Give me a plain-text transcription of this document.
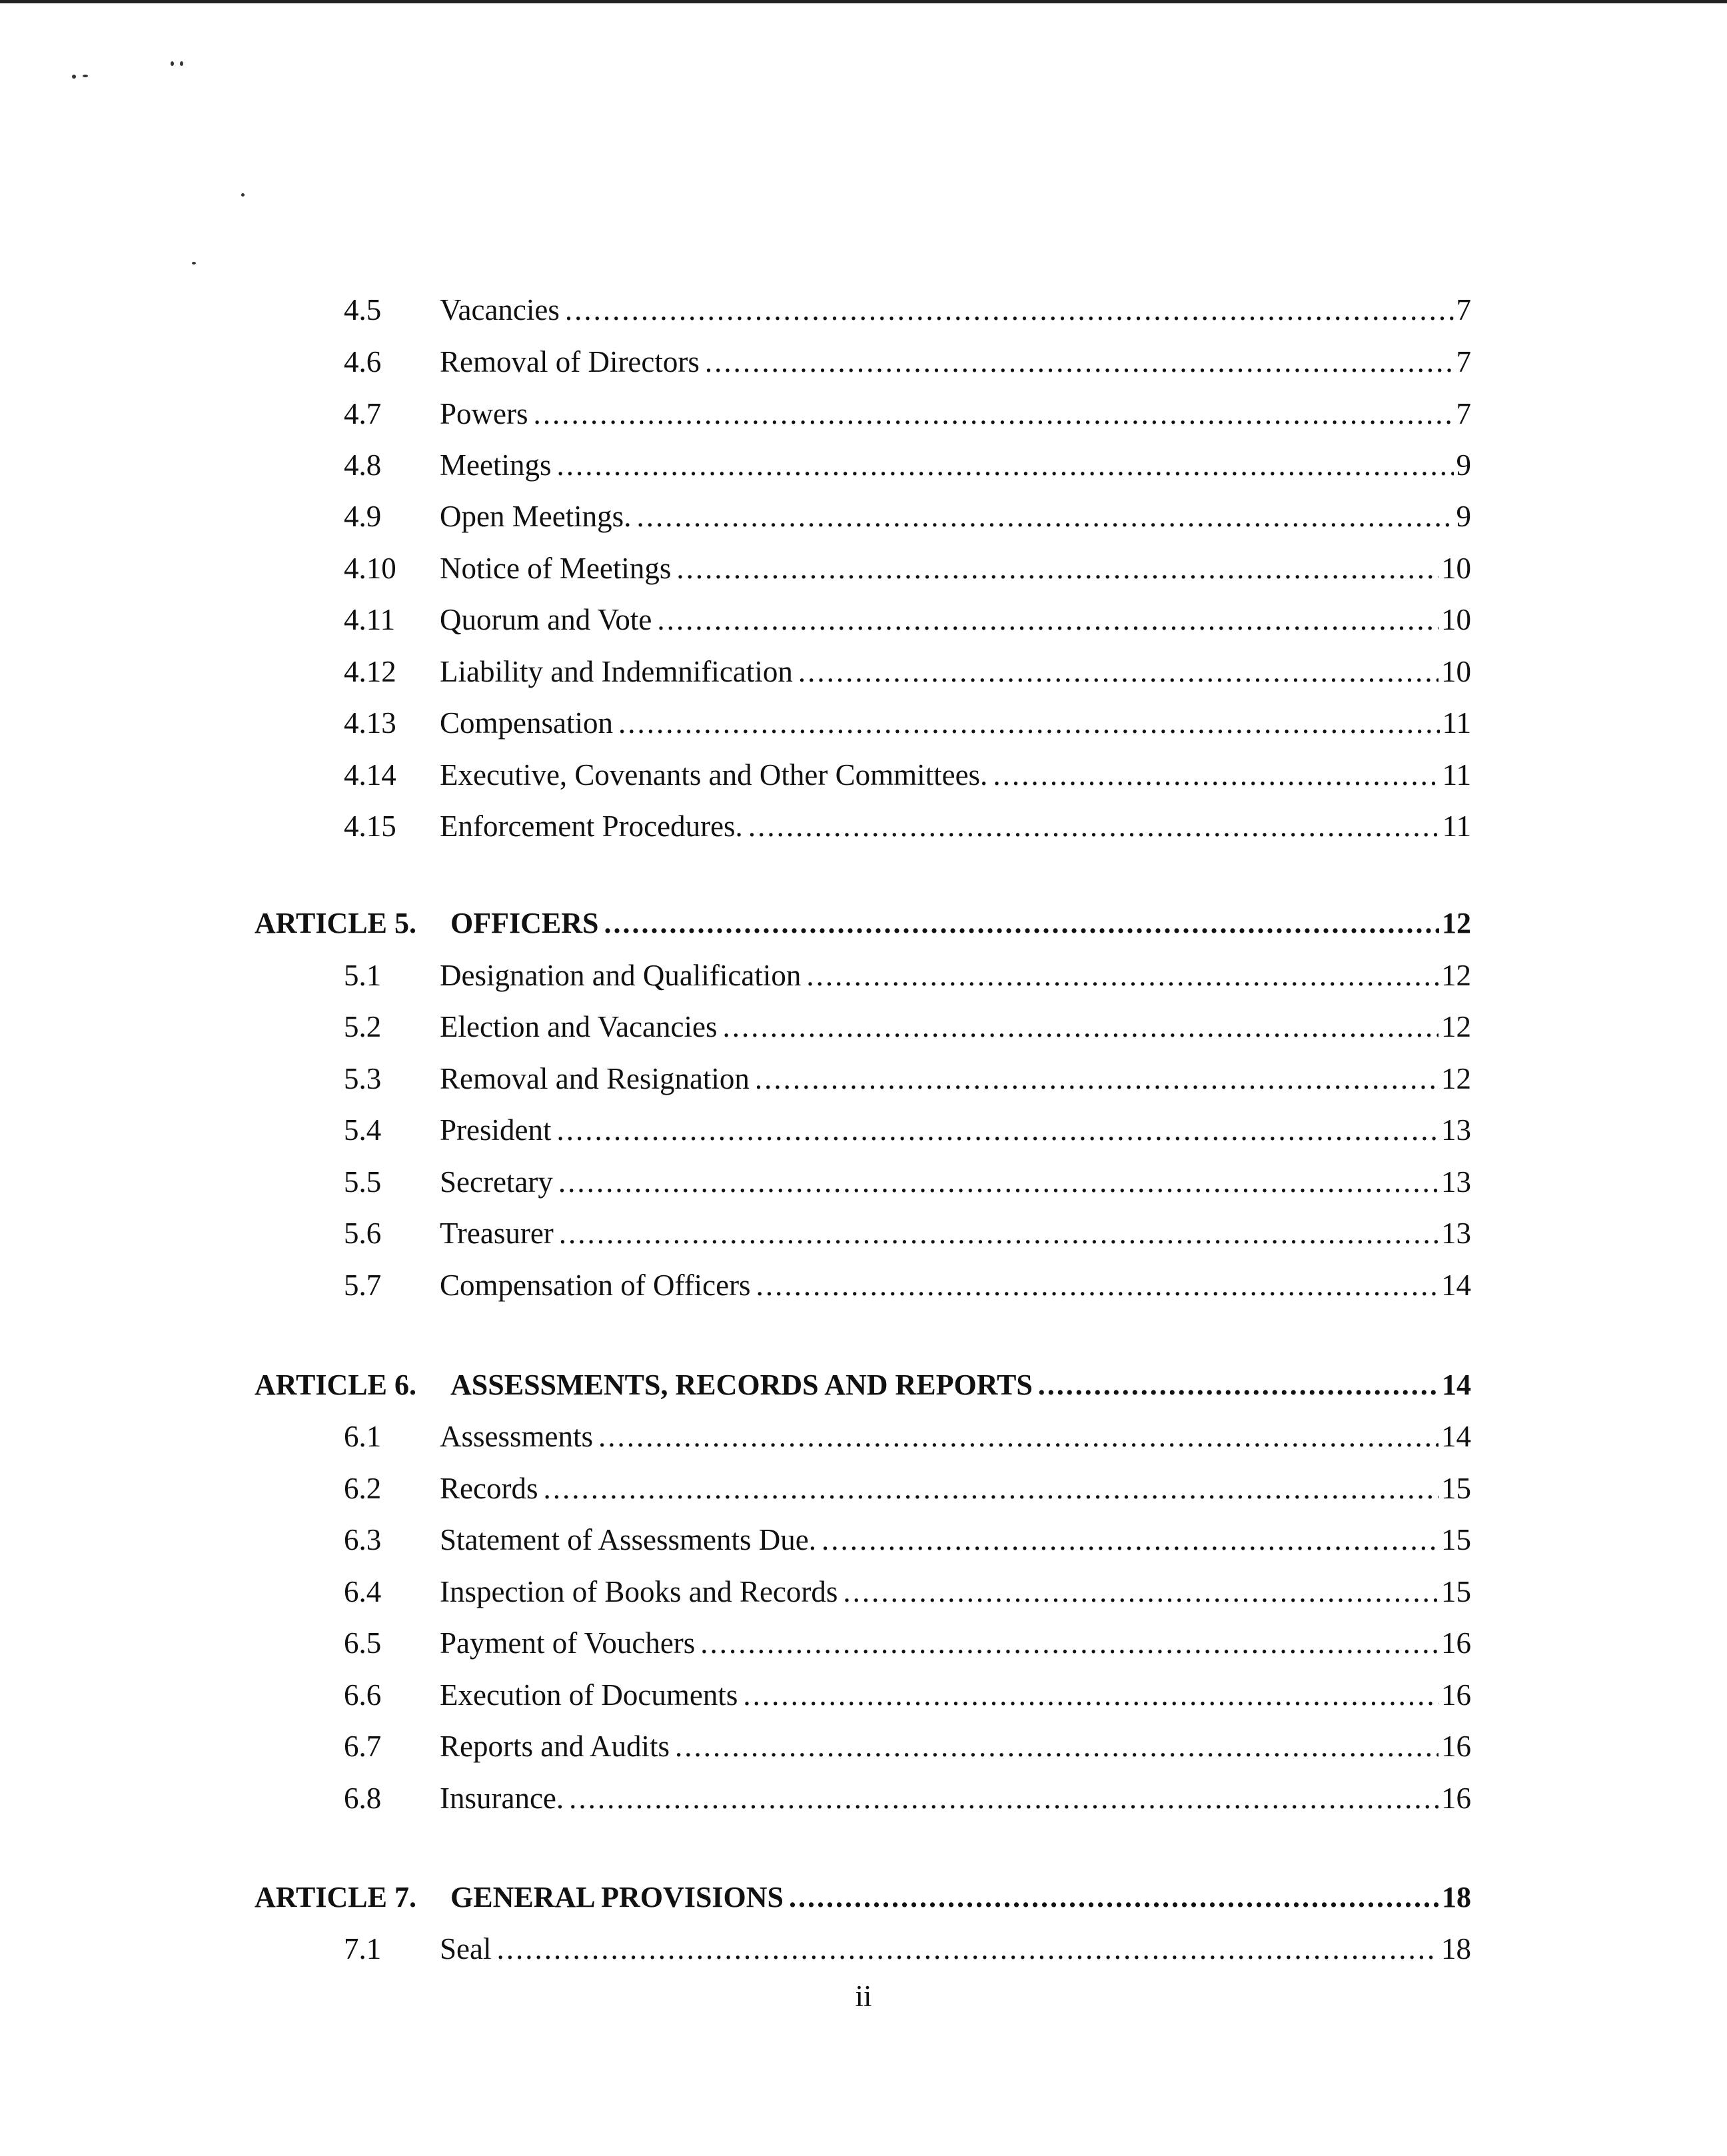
4.5	Vacancies .....	7
4.6	Removal of Directors .....	7
4.7	Powers .....	7
4.8	Meetings .....	9
4.9	Open Meetings. .....	9
4.10	Notice of Meetings .....	10
4.11	Quorum and Vote .....	10
4.12	Liability and Indemnification .....	10
4.13	Compensation .....	11
4.14	Executive, Covenants and Other Committees. .....	11
4.15	Enforcement Procedures. .....	11
ARTICLE 5.	OFFICERS .....	12
5.1	Designation and Qualification .....	12
5.2	Election and Vacancies .....	12
5.3	Removal and Resignation .....	12
5.4	President .....	13
5.5	Secretary .....	13
5.6	Treasurer .....	13
5.7	Compensation of Officers .....	14
ARTICLE 6.	ASSESSMENTS, RECORDS AND REPORTS .....	14
6.1	Assessments .....	14
6.2	Records .....	15
6.3	Statement of Assessments Due. .....	15
6.4	Inspection of Books and Records .....	15
6.5	Payment of Vouchers .....	16
6.6	Execution of Documents .....	16
6.7	Reports and Audits .....	16
6.8	Insurance. .....	16
ARTICLE 7.	GENERAL PROVISIONS .....	18
7.1	Seal .....	18
ii
